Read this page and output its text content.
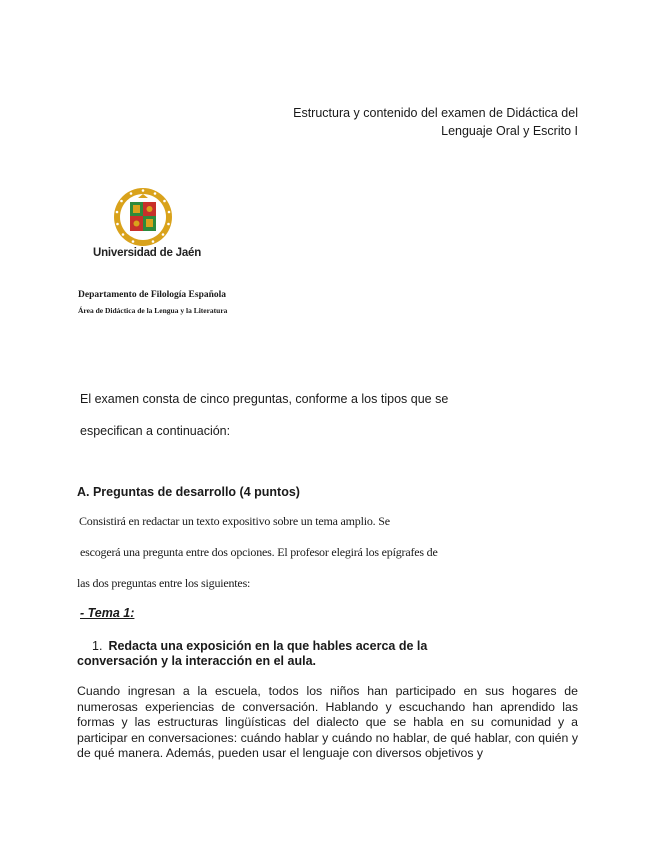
Estructura y contenido del examen de Didáctica del
Lenguaje Oral y Escrito I
Universidad de Jaén
Departamento de Filología Española
Área de Didáctica de la Lengua y la Literatura
El examen consta de cinco preguntas, conforme a los tipos que se
especifican a continuación:
A. Preguntas de desarrollo (4 puntos)
Consistirá en redactar un texto expositivo sobre un tema amplio. Se
escogerá una pregunta entre dos opciones. El profesor elegirá los epígrafes de
las dos preguntas entre los siguientes:
- Tema 1:
1. Redacta una exposición en la que hables acerca de la
conversación y la interacción en el aula.
Cuando ingresan a la escuela, todos los niños han participado en sus hogares de numerosas experiencias de conversación. Hablando y escuchando han aprendido las formas y las estructuras lingüísticas del dialecto que se habla en su comunidad y a participar en conversaciones: cuándo hablar y cuándo no hablar, de qué hablar, con quién y de qué manera. Además, pueden usar el lenguaje con diversos objetivos y
